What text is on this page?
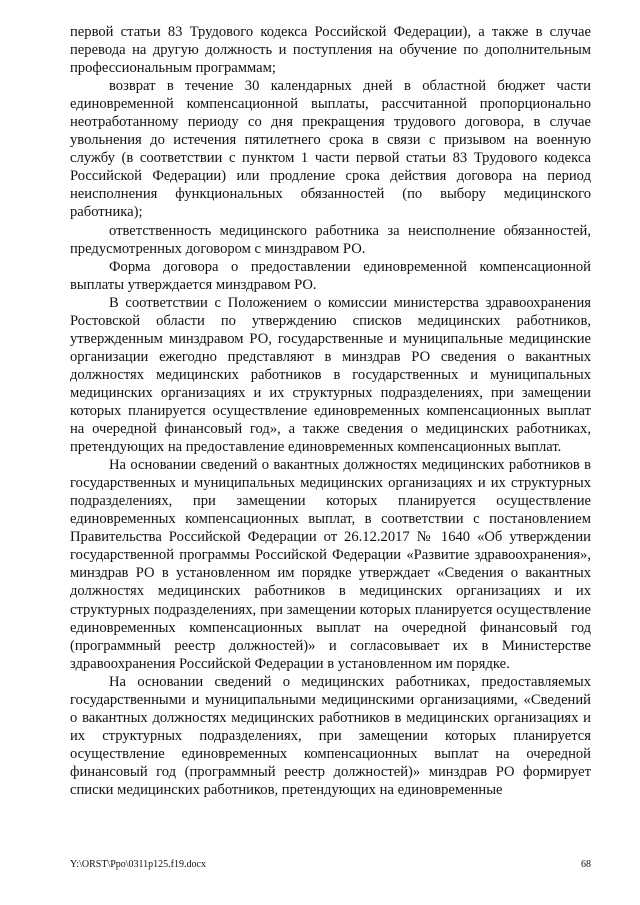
первой статьи 83 Трудового кодекса Российской Федерации), а также в случае перевода на другую должность и поступления на обучение по дополнительным профессиональным программам;

возврат в течение 30 календарных дней в областной бюджет части единовременной компенсационной выплаты, рассчитанной пропорционально неотработанному периоду со дня прекращения трудового договора, в случае увольнения до истечения пятилетнего срока в связи с призывом на военную службу (в соответствии с пунктом 1 части первой статьи 83 Трудового кодекса Российской Федерации) или продление срока действия договора на период неисполнения функциональных обязанностей (по выбору медицинского работника);

ответственность медицинского работника за неисполнение обязанностей, предусмотренных договором с минздравом РО.

Форма договора о предоставлении единовременной компенсационной выплаты утверждается минздравом РО.

В соответствии с Положением о комиссии министерства здравоохранения Ростовской области по утверждению списков медицинских работников, утвержденным минздравом РО, государственные и муниципальные медицинские организации ежегодно представляют в минздрав РО сведения о вакантных должностях медицинских работников в государственных и муниципальных медицинских организациях и их структурных подразделениях, при замещении которых планируется осуществление единовременных компенсационных выплат на очередной финансовый год», а также сведения о медицинских работниках, претендующих на предоставление единовременных компенсационных выплат.

На основании сведений о вакантных должностях медицинских работников в государственных и муниципальных медицинских организациях и их структурных подразделениях, при замещении которых планируется осуществление единовременных компенсационных выплат, в соответствии с постановлением Правительства Российской Федерации от 26.12.2017 № 1640 «Об утверждении государственной программы Российской Федерации «Развитие здравоохранения», минздрав РО в установленном им порядке утверждает «Сведения о вакантных должностях медицинских работников в медицинских организациях и их структурных подразделениях, при замещении которых планируется осуществление единовременных компенсационных выплат на очередной финансовый год (программный реестр должностей)» и согласовывает их в Министерстве здравоохранения Российской Федерации в установленном им порядке.

На основании сведений о медицинских работниках, предоставляемых государственными и муниципальными медицинскими организациями, «Сведений о вакантных должностях медицинских работников в медицинских организациях и их структурных подразделениях, при замещении которых планируется осуществление единовременных компенсационных выплат на очередной финансовый год (программный реестр должностей)» минздрав РО формирует списки медицинских работников, претендующих на единовременные

Y:\ORST\Ppo\0311p125.f19.docx	68
